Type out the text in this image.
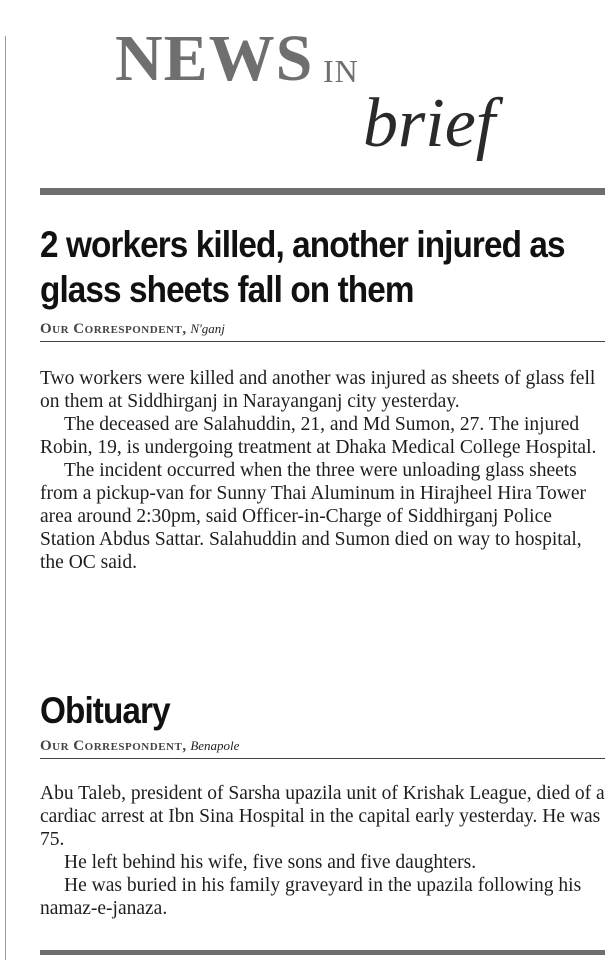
NEWS IN
brief
2 workers killed, another injured as
glass sheets fall on them
Our Correspondent, N'ganj

Two workers were killed and another was injured as sheets of glass fell on them at Siddhirganj in Narayanganj city yesterday.

The deceased are Salahuddin, 21, and Md Sumon, 27. The injured Robin, 19, is undergoing treatment at Dhaka Medical College Hospital.

The incident occurred when the three were unloading glass sheets from a pickup-van for Sunny Thai Aluminum in Hirajheel Hira Tower area around 2:30pm, said Officer-in-Charge of Siddhirganj Police Station Abdus Sattar. Salahuddin and Sumon died on way to hospital, the OC said.

Obituary
Our Correspondent, Benapole

Abu Taleb, president of Sarsha upazila unit of Krishak League, died of a cardiac arrest at Ibn Sina Hospital in the capital early yesterday. He was 75.

He left behind his wife, five sons and five daughters.

He was buried in his family graveyard in the upazila following his namaz-e-janaza.
